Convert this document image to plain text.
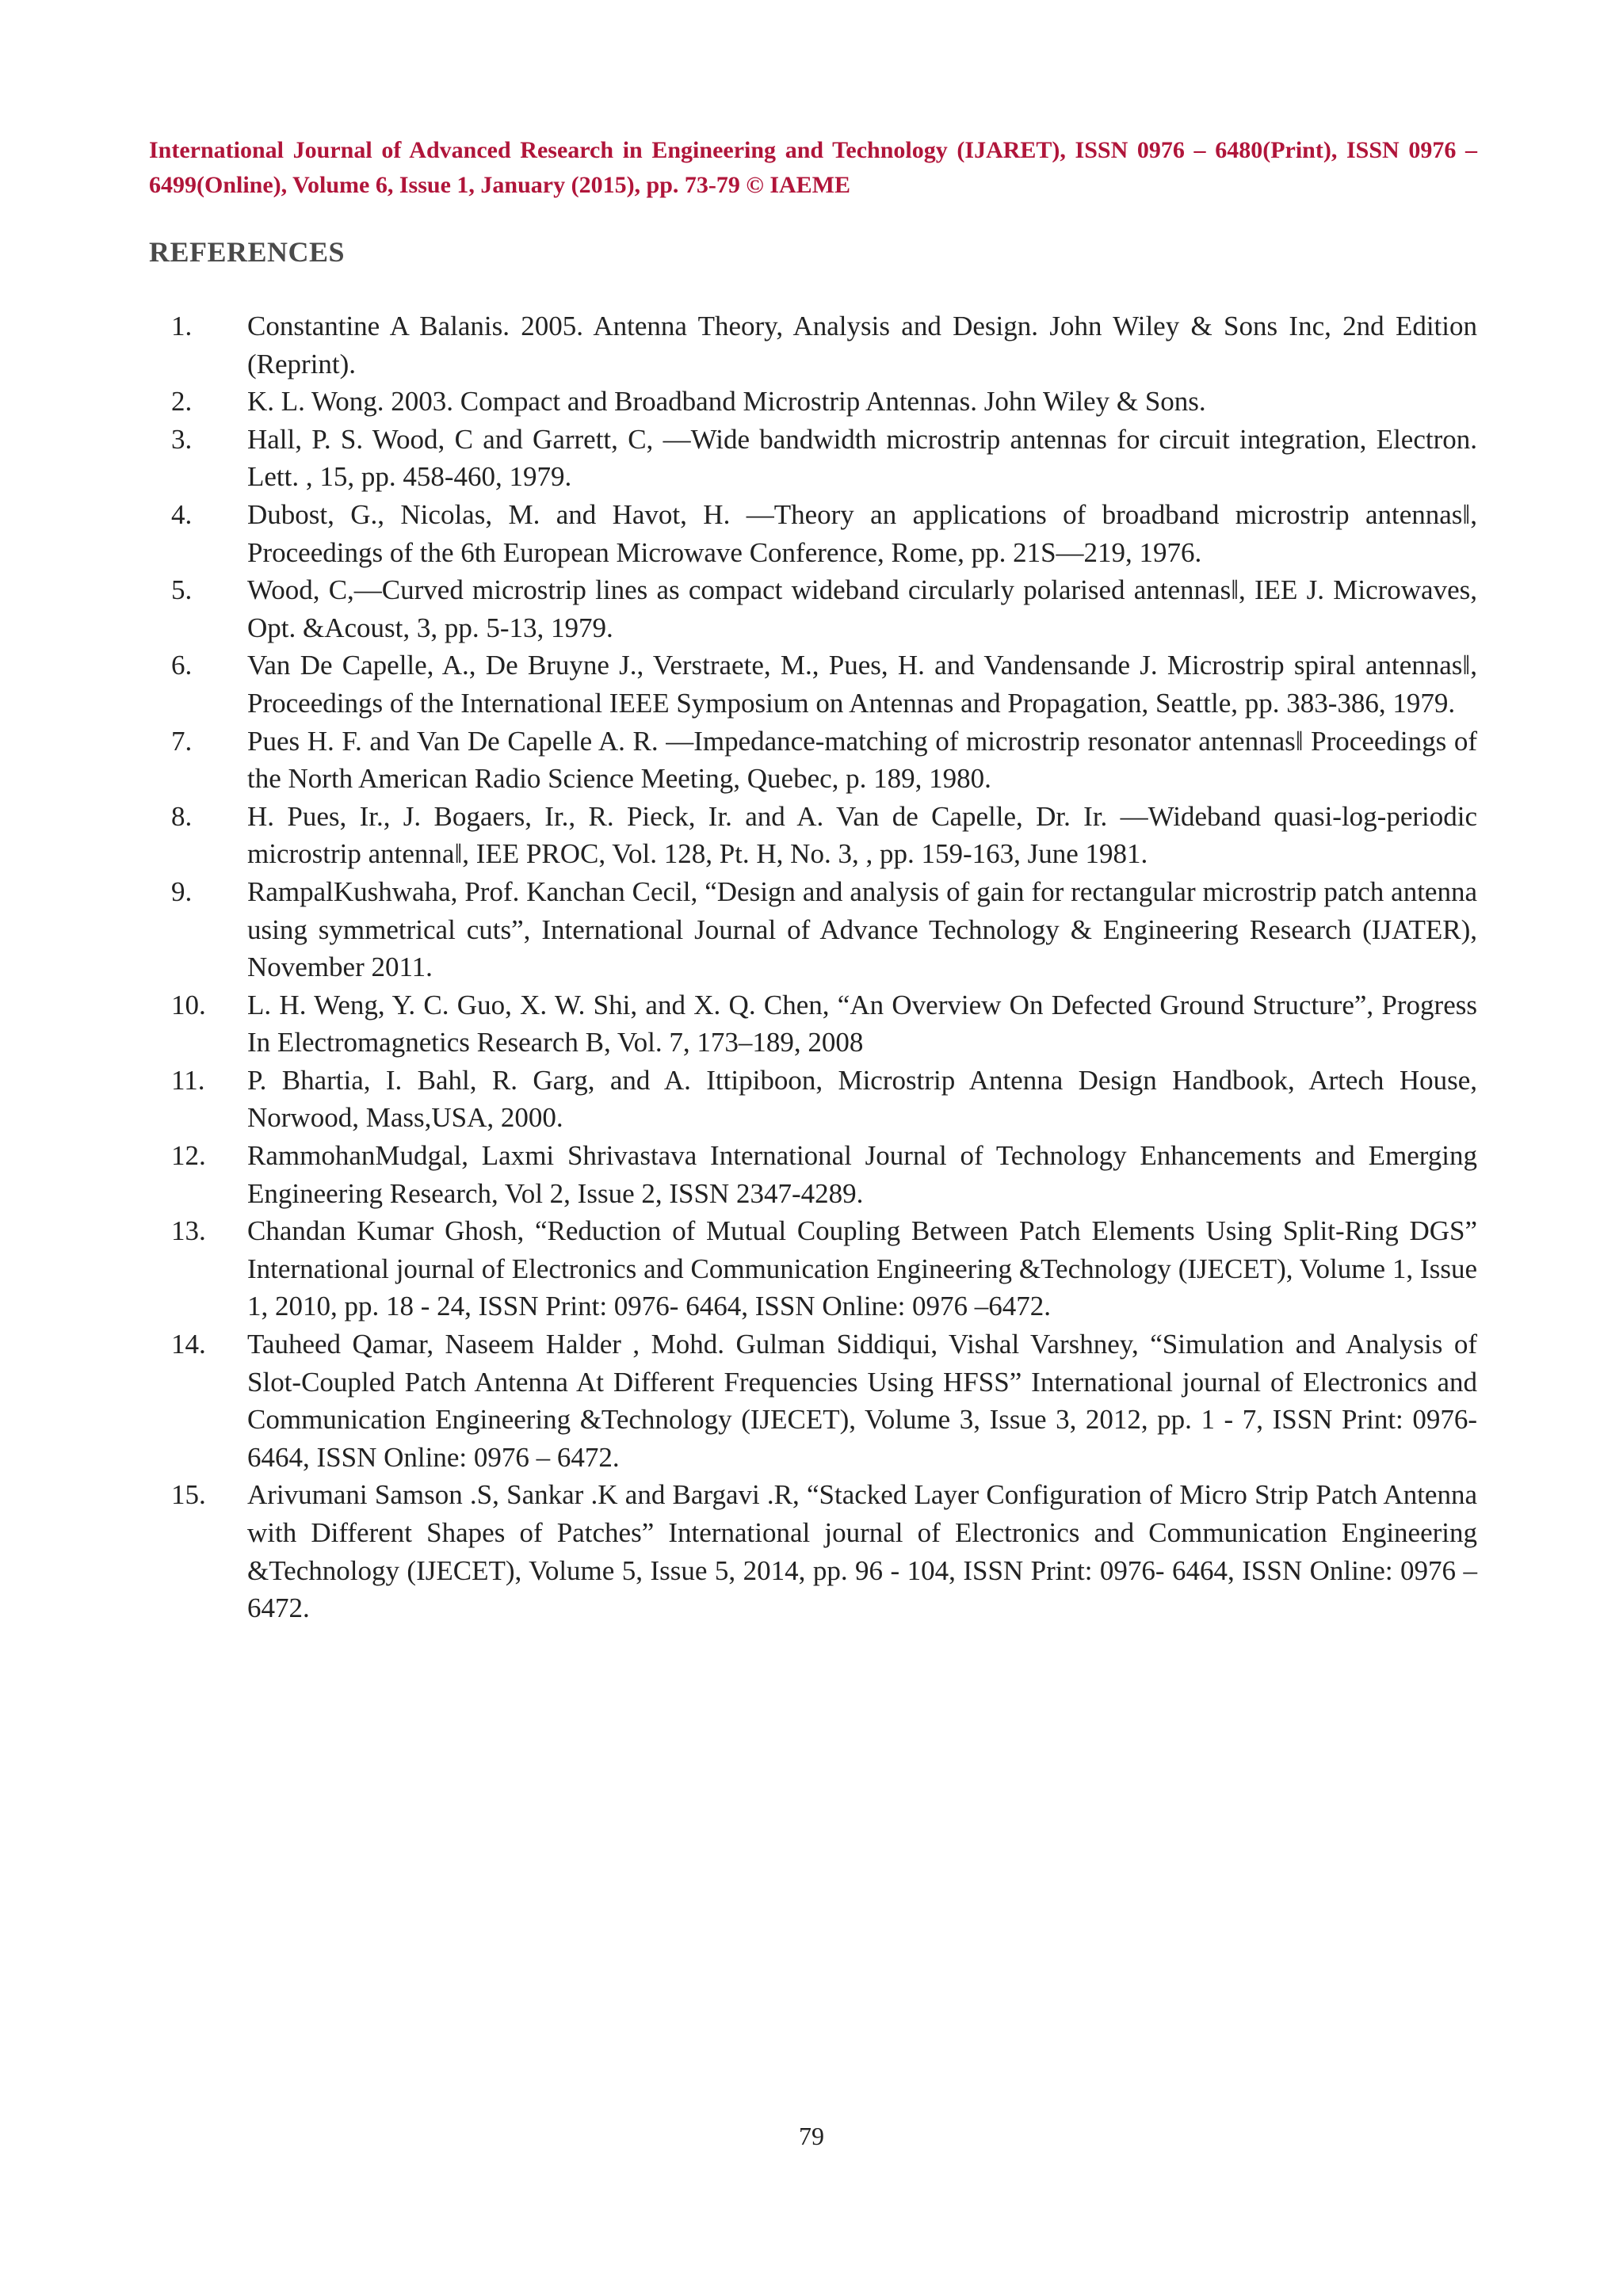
International Journal of Advanced Research in Engineering and Technology (IJARET), ISSN 0976 – 6480(Print), ISSN 0976 – 6499(Online), Volume 6, Issue 1, January (2015), pp. 73-79 © IAEME
REFERENCES
1.	Constantine A Balanis. 2005. Antenna Theory, Analysis and Design. John Wiley & Sons Inc, 2nd Edition (Reprint).
2.	K. L. Wong. 2003. Compact and Broadband Microstrip Antennas. John Wiley & Sons.
3.	Hall, P. S. Wood, C and Garrett, C, ―Wide bandwidth microstrip antennas for circuit integration, Electron. Lett. , 15, pp. 458-460, 1979.
4.	Dubost, G., Nicolas, M. and Havot, H. ―Theory an applications of broadband microstrip antennas‖, Proceedings of the 6th European Microwave Conference, Rome, pp. 21S―219, 1976.
5.	Wood, C,―Curved microstrip lines as compact wideband circularly polarised antennas‖, IEE J. Microwaves, Opt. &Acoust, 3, pp. 5-13, 1979.
6.	Van De Capelle, A., De Bruyne J., Verstraete, M., Pues, H. and Vandensande J. Microstrip spiral antennas‖, Proceedings of the International IEEE Symposium on Antennas and Propagation, Seattle, pp. 383-386, 1979.
7.	Pues H. F. and Van De Capelle A. R. ―Impedance-matching of microstrip resonator antennas‖ Proceedings of the North American Radio Science Meeting, Quebec, p. 189, 1980.
8.	H. Pues, Ir., J. Bogaers, Ir., R. Pieck, Ir. and A. Van de Capelle, Dr. Ir. ―Wideband quasi-log-periodic microstrip antenna‖, IEE PROC, Vol. 128, Pt. H, No. 3, , pp. 159-163, June 1981.
9.	RampalKushwaha, Prof. Kanchan Cecil, “Design and analysis of gain for rectangular microstrip patch antenna using symmetrical cuts”, International Journal of Advance Technology & Engineering Research (IJATER), November 2011.
10.	L. H. Weng, Y. C. Guo, X. W. Shi, and X. Q. Chen, “An Overview On Defected Ground Structure”, Progress In Electromagnetics Research B, Vol. 7, 173–189, 2008
11.	P. Bhartia, I. Bahl, R. Garg, and A. Ittipiboon, Microstrip Antenna Design Handbook, Artech House, Norwood, Mass,USA, 2000.
12.	RammohanMudgal, Laxmi Shrivastava International Journal of Technology Enhancements and Emerging Engineering Research, Vol 2, Issue 2, ISSN 2347-4289.
13.	Chandan Kumar Ghosh, “Reduction of Mutual Coupling Between Patch Elements Using Split-Ring DGS” International journal of Electronics and Communication Engineering &Technology (IJECET), Volume 1, Issue 1, 2010, pp. 18 - 24, ISSN Print: 0976- 6464, ISSN Online: 0976 –6472.
14.	Tauheed Qamar, Naseem Halder , Mohd. Gulman Siddiqui, Vishal Varshney, “Simulation and Analysis of Slot-Coupled Patch Antenna At Different Frequencies Using HFSS” International journal of Electronics and Communication Engineering &Technology (IJECET), Volume 3, Issue 3, 2012, pp. 1 - 7, ISSN Print: 0976- 6464, ISSN Online: 0976 – 6472.
15.	Arivumani Samson .S, Sankar .K and Bargavi .R, “Stacked Layer Configuration of Micro Strip Patch Antenna with Different Shapes of Patches” International journal of Electronics and Communication Engineering &Technology (IJECET), Volume 5, Issue 5, 2014, pp. 96 - 104, ISSN Print: 0976- 6464, ISSN Online: 0976 –6472.
79
